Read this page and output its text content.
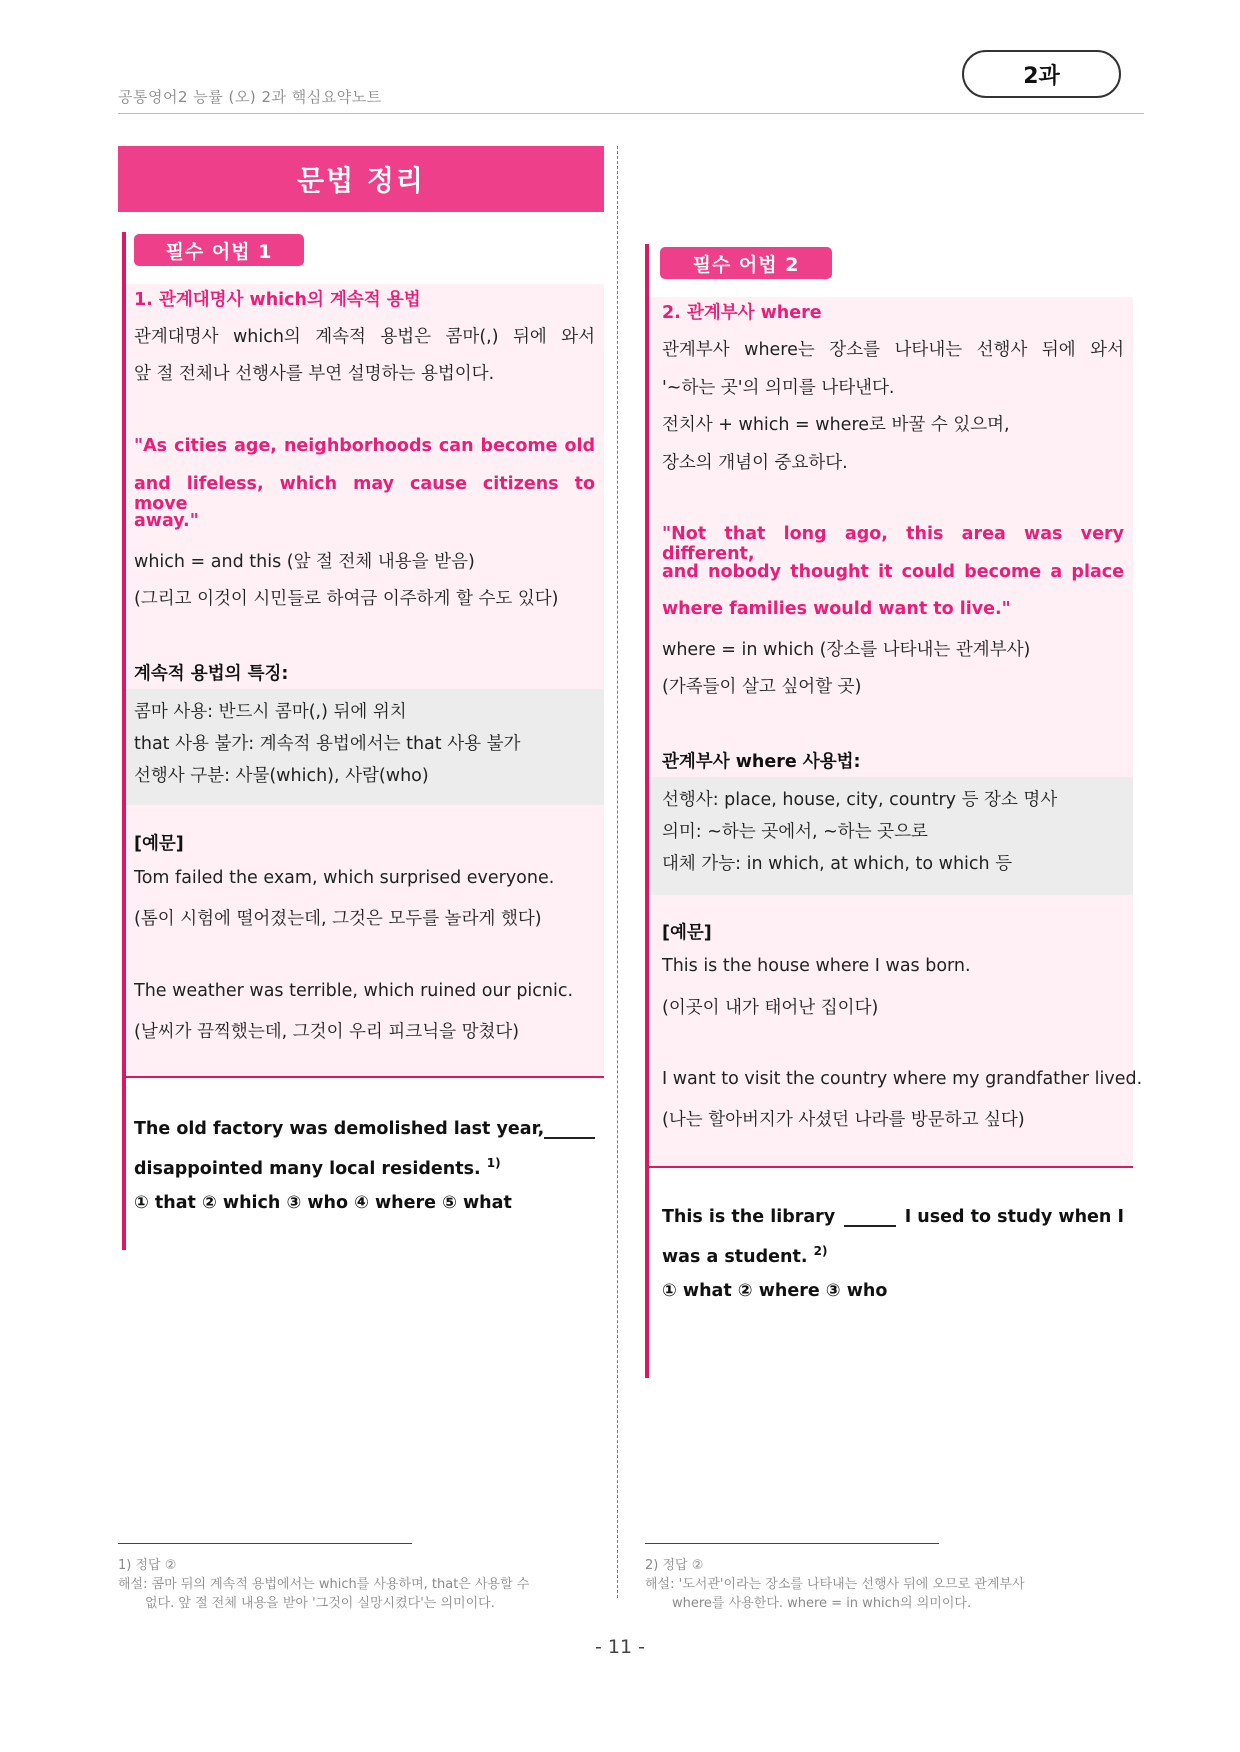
공통영어2 능률 (오) 2과 핵심요약노트
2과
문법 정리
필수 어법 1
1. 관계대명사 which의 계속적 용법
관계대명사 which의 계속적 용법은 콤마(,) 뒤에 와서
앞 절 전체나 선행사를 부연 설명하는 용법이다.
"As cities age, neighborhoods can become old
and lifeless, which may cause citizens to move
away."
which = and this (앞 절 전체 내용을 받음)
(그리고 이것이 시민들로 하여금 이주하게 할 수도 있다)
계속적 용법의 특징:
콤마 사용: 반드시 콤마(,) 뒤에 위치
that 사용 불가: 계속적 용법에서는 that 사용 불가
선행사 구분: 사물(which), 사람(who)
[예문]
Tom failed the exam, which surprised everyone.
(톰이 시험에 떨어졌는데, 그것은 모두를 놀라게 했다)
The weather was terrible, which ruined our picnic.
(날씨가 끔찍했는데, 그것이 우리 피크닉을 망쳤다)
The old factory was demolished last year,
disappointed many local residents. $^{1)}$
① that ② which ③ who ④ where ⑤ what
필수 어법 2
2. 관계부사 where
관계부사 where는 장소를 나타내는 선행사 뒤에 와서
'~하는 곳'의 의미를 나타낸다.
전치사 + which = where로 바꿀 수 있으며,
장소의 개념이 중요하다.
"Not that long ago, this area was very different,
and nobody thought it could become a place
where families would want to live."
where = in which (장소를 나타내는 관계부사)
(가족들이 살고 싶어할 곳)
관계부사 where 사용법:
선행사: place, house, city, country 등 장소 명사
의미: ~하는 곳에서, ~하는 곳으로
대체 가능: in which, at which, to which 등
[예문]
This is the house where I was born.
(이곳이 내가 태어난 집이다)
I want to visit the country where my grandfather lived.
(나는 할아버지가 사셨던 나라를 방문하고 싶다)
This is the library	I used to study when I
was a student. $^{2)}$
① what ② where ③ who
1) 정답 ②
해설: 콤마 뒤의 계속적 용법에서는 which를 사용하며, that은 사용할 수
없다. 앞 절 전체 내용을 받아 '그것이 실망시켰다'는 의미이다.
2) 정답 ②
해설: '도서관'이라는 장소를 나타내는 선행사 뒤에 오므로 관계부사
where를 사용한다. where = in which의 의미이다.
- 11 -
